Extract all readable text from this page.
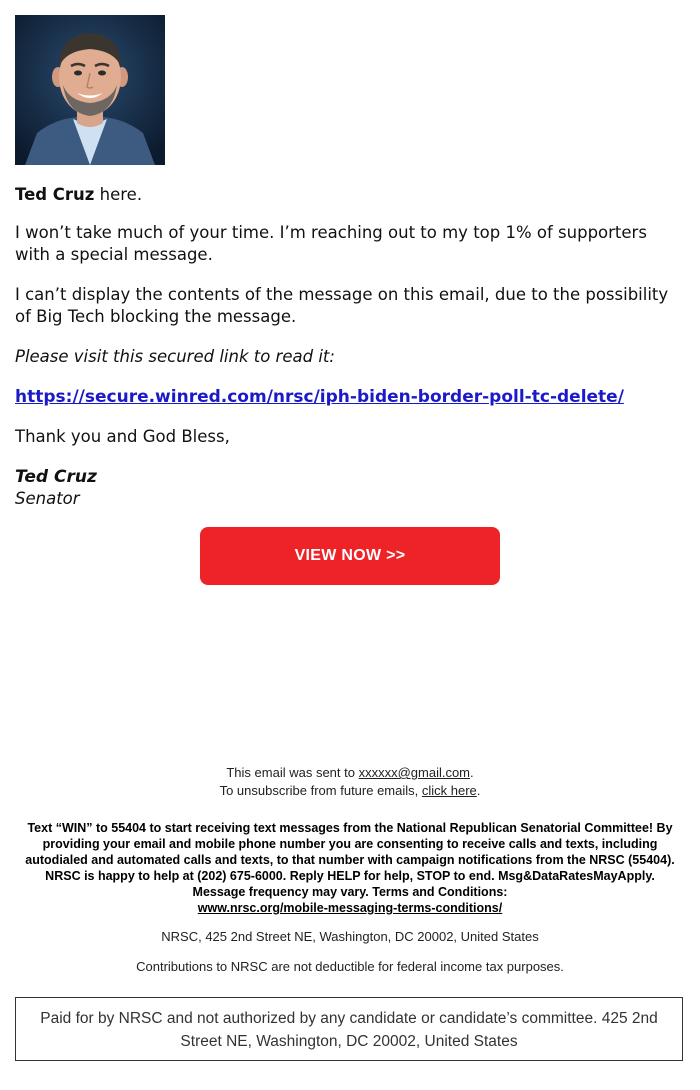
Ted Cruz here.

I won’t take much of your time. I’m reaching out to my top 1% of supporters with a special message.

I can’t display the contents of the message on this email, due to the possibility of Big Tech blocking the message.

Please visit this secured link to read it:

https://secure.winred.com/nrsc/iph-biden-border-poll-tc-delete/

Thank you and God Bless,

Ted Cruz
Senator
VIEW NOW >>

This email was sent to xxxxxx@gmail.com.

To unsubscribe from future emails, click here.

Text “WIN” to 55404 to start receiving text messages from the National Republican Senatorial Committee! By providing your email and mobile phone number you are consenting to receive calls and texts, including autodialed and automated calls and texts, to that number with campaign notifications from the NRSC (55404). NRSC is happy to help at (202) 675-6000. Reply HELP for help, STOP to end. Msg&DataRatesMayApply. Message frequency may vary. Terms and Conditions:
www.nrsc.org/mobile-messaging-terms-conditions/

NRSC, 425 2nd Street NE, Washington, DC 20002, United States

Contributions to NRSC are not deductible for federal income tax purposes.

Paid for by NRSC and not authorized by any candidate or candidate’s committee. 425 2nd Street NE, Washington, DC 20002, United States
